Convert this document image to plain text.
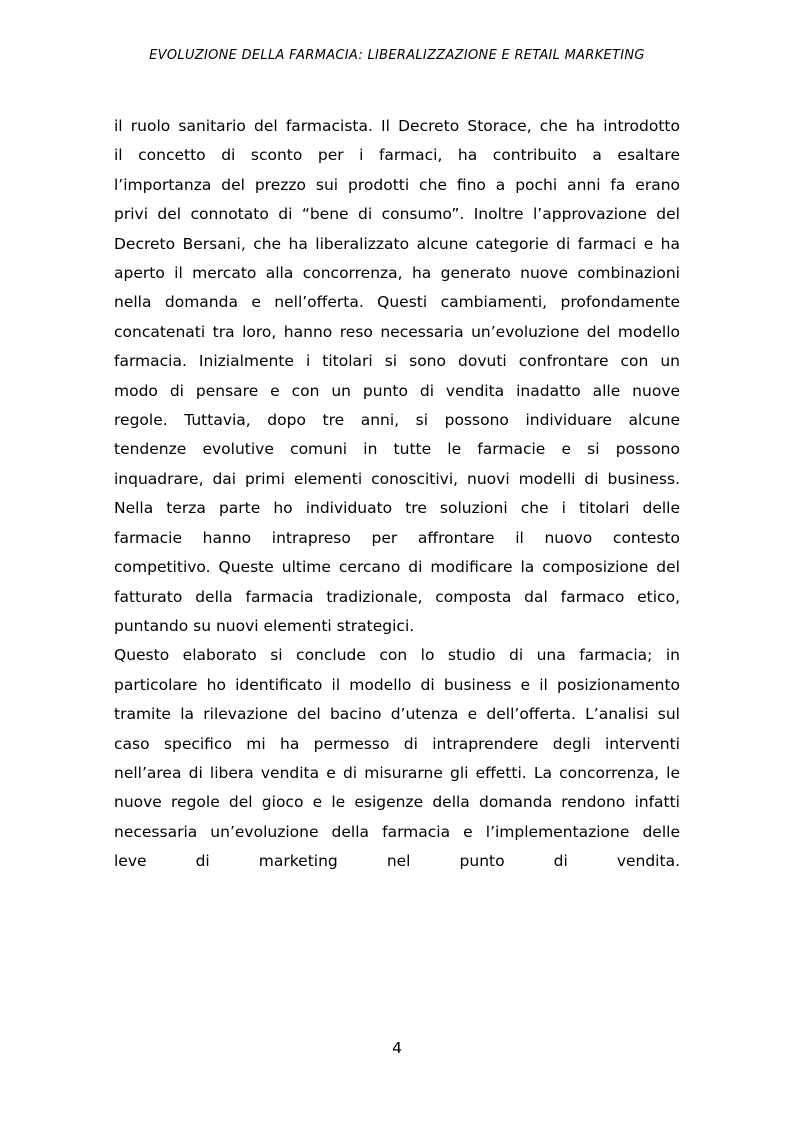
EVOLUZIONE DELLA FARMACIA: LIBERALIZZAZIONE E RETAIL MARKETING

il ruolo sanitario del farmacista. Il Decreto Storace, che ha introdotto
il concetto di sconto per i farmaci, ha contribuito a esaltare
l’importanza del prezzo sui prodotti che fino a pochi anni fa erano
privi del connotato di “bene di consumo”. Inoltre l’approvazione del
Decreto Bersani, che ha liberalizzato alcune categorie di farmaci e ha
aperto il mercato alla concorrenza, ha generato nuove combinazioni
nella domanda e nell’offerta. Questi cambiamenti, profondamente
concatenati tra loro, hanno reso necessaria un’evoluzione del modello
farmacia. Inizialmente i titolari si sono dovuti confrontare con un
modo di pensare e con un punto di vendita inadatto alle nuove
regole. Tuttavia, dopo tre anni, si possono individuare alcune
tendenze evolutive comuni in tutte le farmacie e si possono
inquadrare, dai primi elementi conoscitivi, nuovi modelli di business.
Nella terza parte ho individuato tre soluzioni che i titolari delle
farmacie hanno intrapreso per affrontare il nuovo contesto
competitivo. Queste ultime cercano di modificare la composizione del
fatturato della farmacia tradizionale, composta dal farmaco etico,
puntando su nuovi elementi strategici.

Questo elaborato si conclude con lo studio di una farmacia; in
particolare ho identificato il modello di business e il posizionamento
tramite la rilevazione del bacino d’utenza e dell’offerta. L’analisi sul
caso specifico mi ha permesso di intraprendere degli interventi
nell’area di libera vendita e di misurarne gli effetti. La concorrenza, le
nuove regole del gioco e le esigenze della domanda rendono infatti
necessaria un’evoluzione della farmacia e l’implementazione delle
leve di marketing nel punto di vendita.

4
